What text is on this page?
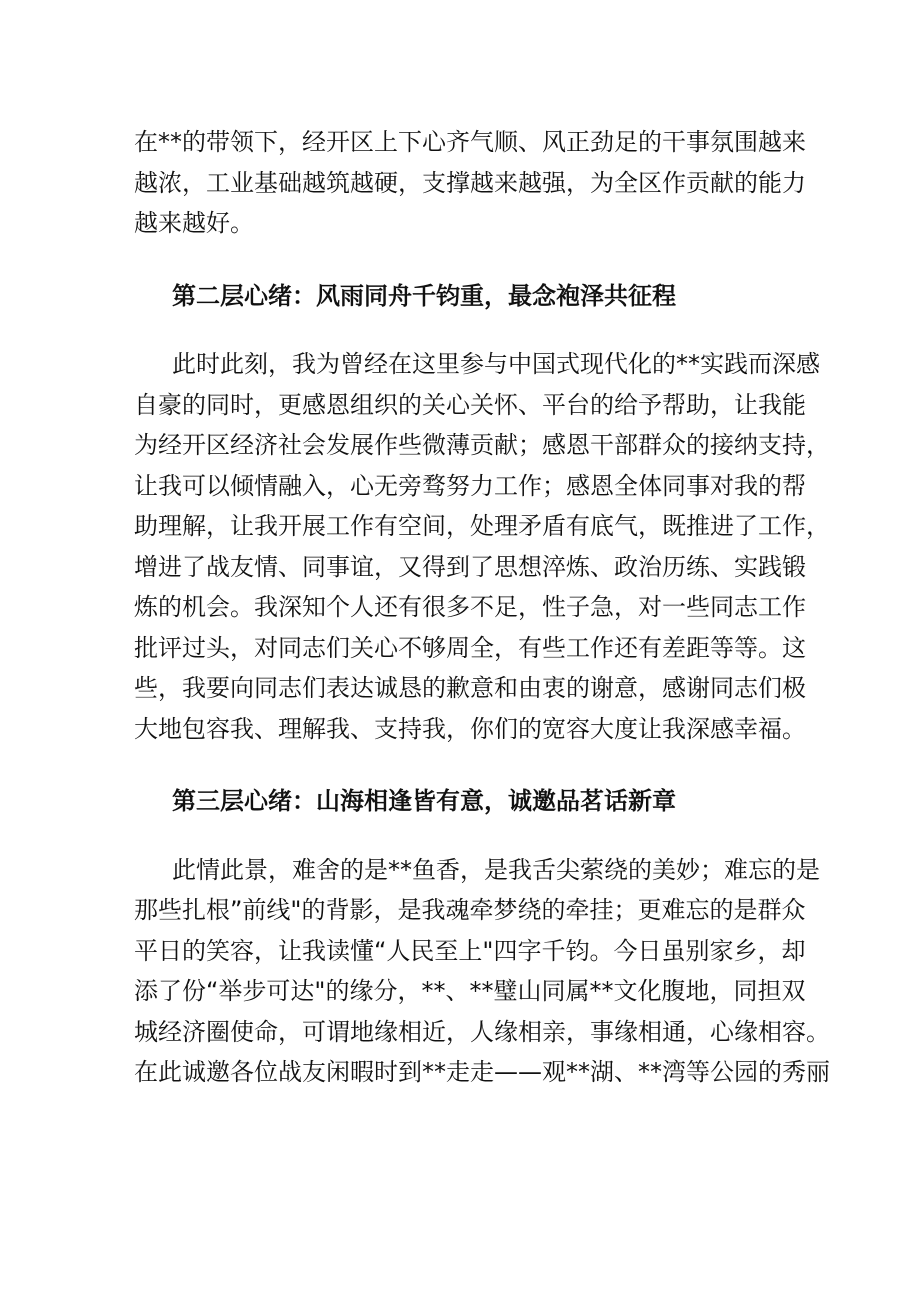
在**的带领下，经开区上下心齐气顺、风正劲足的干事氛围越来

越浓，工业基础越筑越硬，支撑越来越强，为全区作贡献的能力

越来越好。

第二层心绪：风雨同舟千钧重，最念袍泽共征程

此时此刻，我为曾经在这里参与中国式现代化的**实践而深感

自豪的同时，更感恩组织的关心关怀、平台的给予帮助，让我能

为经开区经济社会发展作些微薄贡献；感恩干部群众的接纳支持，

让我可以倾情融入，心无旁骛努力工作；感恩全体同事对我的帮

助理解，让我开展工作有空间，处理矛盾有底气，既推进了工作，

增进了战友情、同事谊，又得到了思想淬炼、政治历练、实践锻

炼的机会。我深知个人还有很多不足，性子急，对一些同志工作

批评过头，对同志们关心不够周全，有些工作还有差距等等。这

些，我要向同志们表达诚恳的歉意和由衷的谢意，感谢同志们极

大地包容我、理解我、支持我，你们的宽容大度让我深感幸福。

第三层心绪：山海相逢皆有意，诚邀品茗话新章

此情此景，难舍的是**鱼香，是我舌尖萦绕的美妙；难忘的是

那些扎根”前线"的背影，是我魂牵梦绕的牵挂；更难忘的是群众

平日的笑容，让我读懂“人民至上"四字千钧。今日虽别家乡，却

添了份“举步可达"的缘分，**、**璧山同属**文化腹地，同担双

城经济圈使命，可谓地缘相近，人缘相亲，事缘相通，心缘相容。

在此诚邀各位战友闲暇时到**走走——观**湖、**湾等公园的秀丽
